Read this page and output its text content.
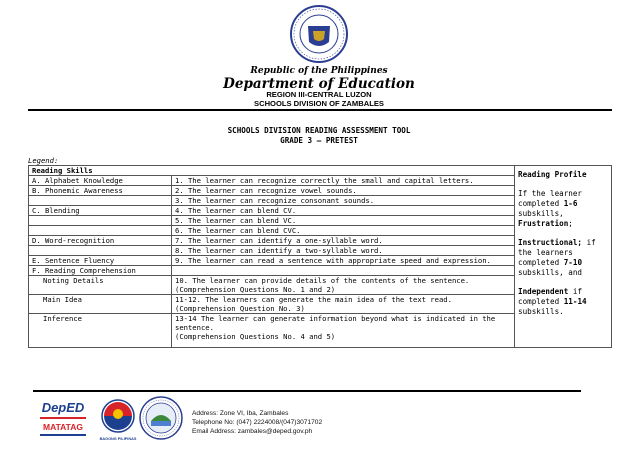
Republic of the Philippines
Department of Education
REGION III-CENTRAL LUZON
SCHOOLS DIVISION OF ZAMBALES
SCHOOLS DIVISION READING ASSESSMENT TOOL
GRADE 3 – PRETEST
Legend:
Reading Skills		Reading Profile
If the learner completed 1-6 subskills, Frustration;
Instructional; if the learners completed 7-10 subskills, and
Independent if completed 11-14 subskills.

A. Alphabet Knowledge	1. The learner can recognize correctly the small and capital letters.	
B. Phonemic Awareness	2. The learner can recognize vowel sounds.	
	3. The learner can recognize consonant sounds.	
C. Blending	4. The learner can blend CV.	
	5. The learner can blend VC.	
	6. The learner can blend CVC.	
D. Word-recognition	7. The learner can identify a one-syllable word.	
	8. The learner can identify a two-syllable word.	
E. Sentence Fluency	9. The learner can read a sentence with appropriate speed and expression.	
F. Reading Comprehension		
Noting Details	10. The learner can provide details of the contents of the sentence.
(Comprehension Questions No. 1 and 2)	

Main Idea	11-12. The learners can generate the main idea of the text read.
(Comprehension Question No. 3)	

Inference	13-14 The learner can generate information beyond what is indicated in the sentence.
(Comprehension Questions No. 4 and 5)	
DepED
MATATAG
BAGONG PILIPINAS
Address: Zone VI, Iba, Zambales
Telephone No: (047) 2224008/(047)3071702
Email Address: zambales@deped.gov.ph
